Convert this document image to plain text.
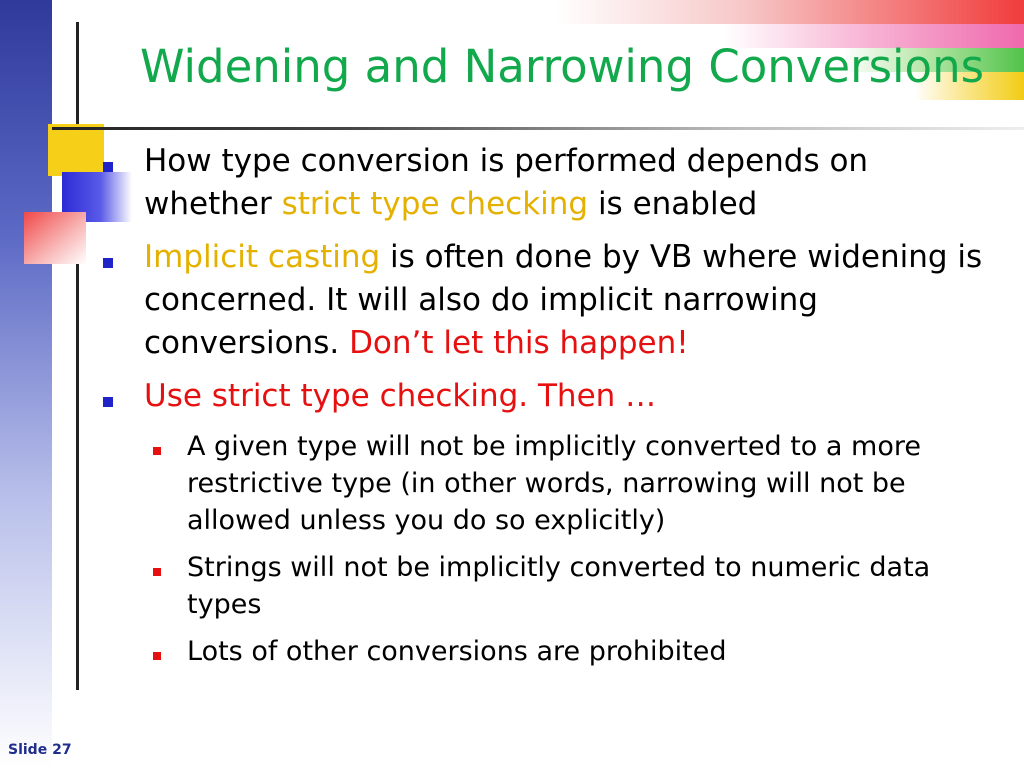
Widening and Narrowing Conversions
How type conversion is performed depends on whether strict type checking is enabled
Implicit casting is often done by VB where widening is concerned. It will also do implicit narrowing conversions. Don’t let this happen!
Use strict type checking. Then …
A given type will not be implicitly converted to a more restrictive type (in other words, narrowing will not be allowed unless you do so explicitly)
Strings will not be implicitly converted to numeric data types
Lots of other conversions are prohibited
Slide 27
